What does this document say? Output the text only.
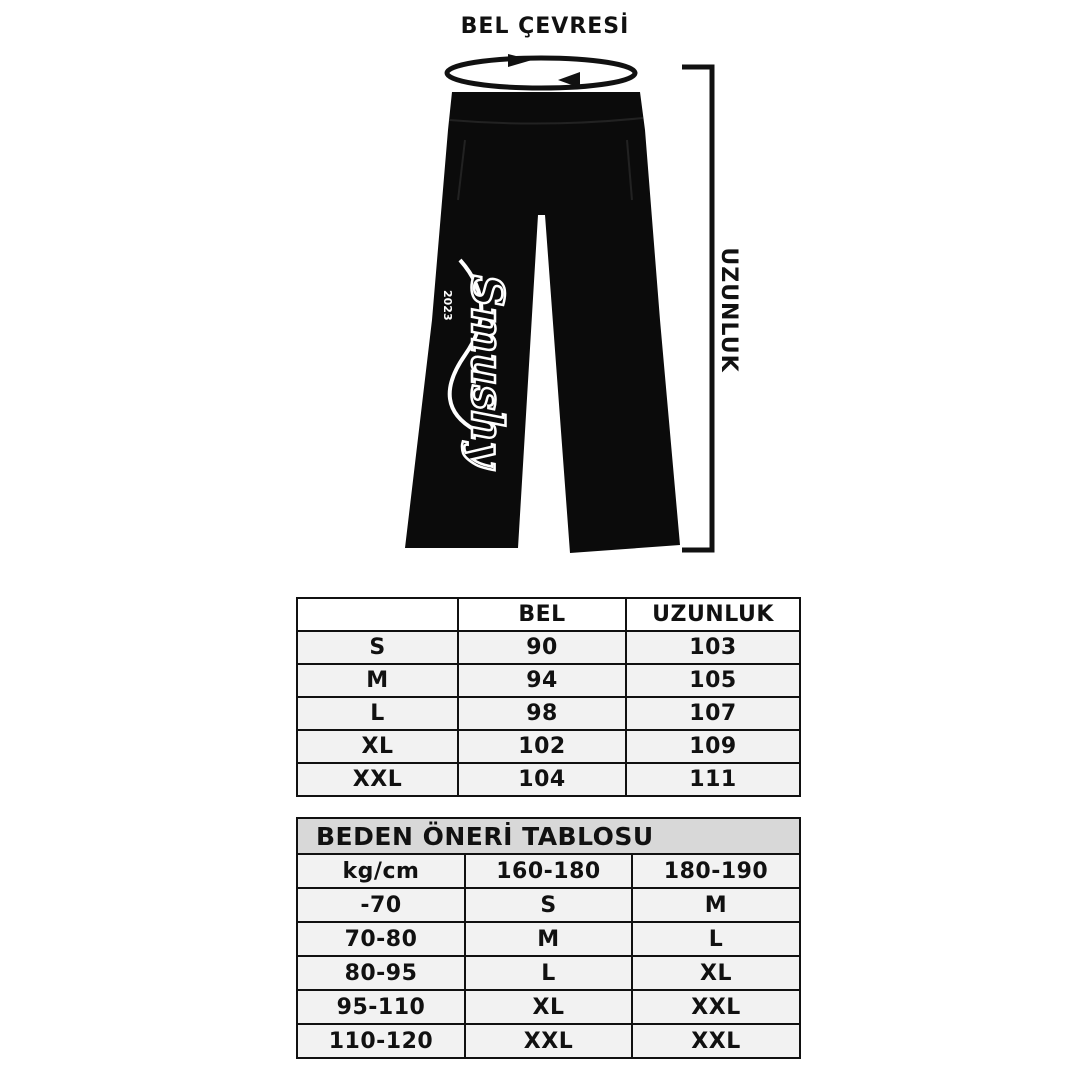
BEL ÇEVRESİ
Smushy
2023	UZUNLUK
	BEL	UZUNLUK
S	90	103
M	94	105
L	98	107
XL	102	109
XXL	104	111
BEDEN ÖNERİ TABLOSU		
kg/cm	160-180	180-190
-70	S	M
70-80	M	L
80-95	L	XL
95-110	XL	XXL
110-120	XXL	XXL
